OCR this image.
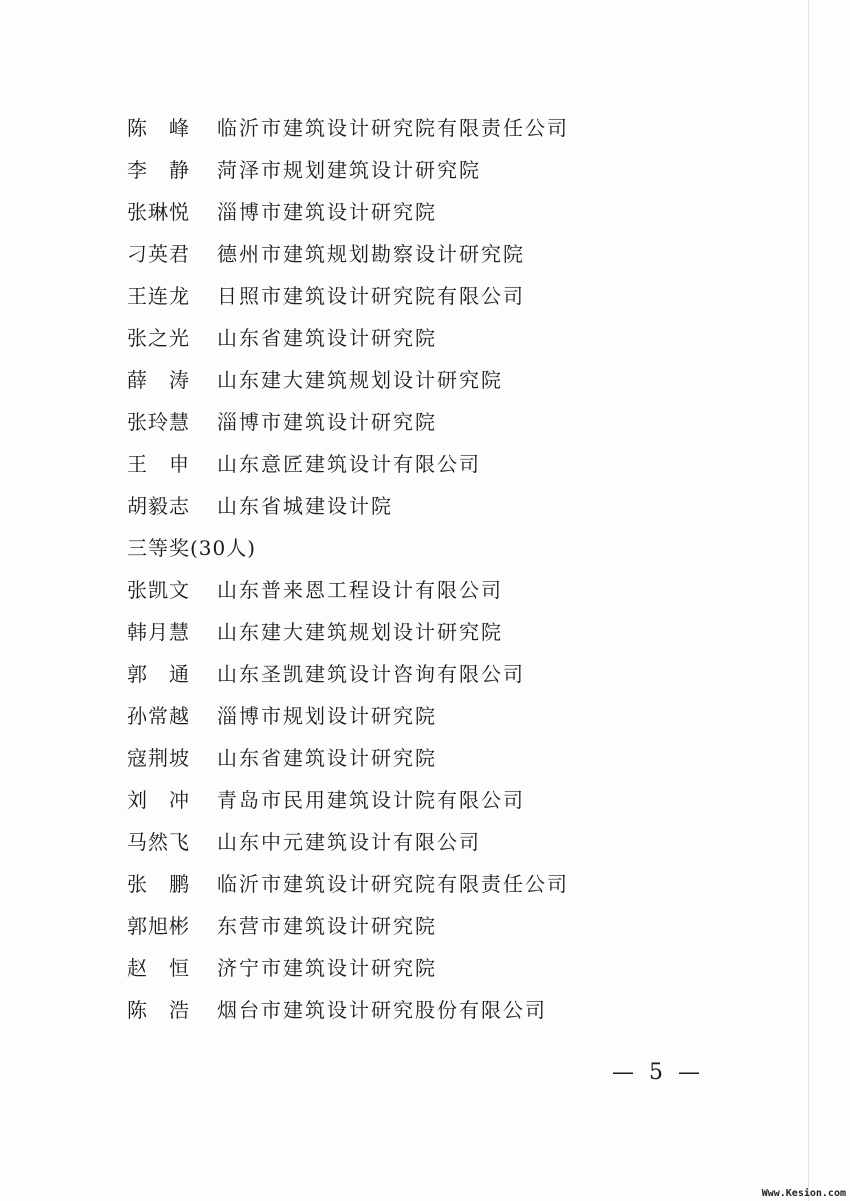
陈　峰 临沂市建筑设计研究院有限责任公司
李　静 菏泽市规划建筑设计研究院
张琳悦 淄博市建筑设计研究院
刁英君 德州市建筑规划勘察设计研究院
王连龙 日照市建筑设计研究院有限公司
张之光 山东省建筑设计研究院
薛　涛 山东建大建筑规划设计研究院
张玲慧 淄博市建筑设计研究院
王　申 山东意匠建筑设计有限公司
胡毅志 山东省城建设计院
三等奖(30人)
张凯文 山东普来恩工程设计有限公司
韩月慧 山东建大建筑规划设计研究院
郭　通 山东圣凯建筑设计咨询有限公司
孙常越 淄博市规划设计研究院
寇荆坡 山东省建筑设计研究院
刘　冲 青岛市民用建筑设计院有限公司
马然飞 山东中元建筑设计有限公司
张　鹏 临沂市建筑设计研究院有限责任公司
郭旭彬 东营市建筑设计研究院
赵　恒 济宁市建筑设计研究院
陈　浩 烟台市建筑设计研究股份有限公司
— 5 —
Www.Kesion.com
